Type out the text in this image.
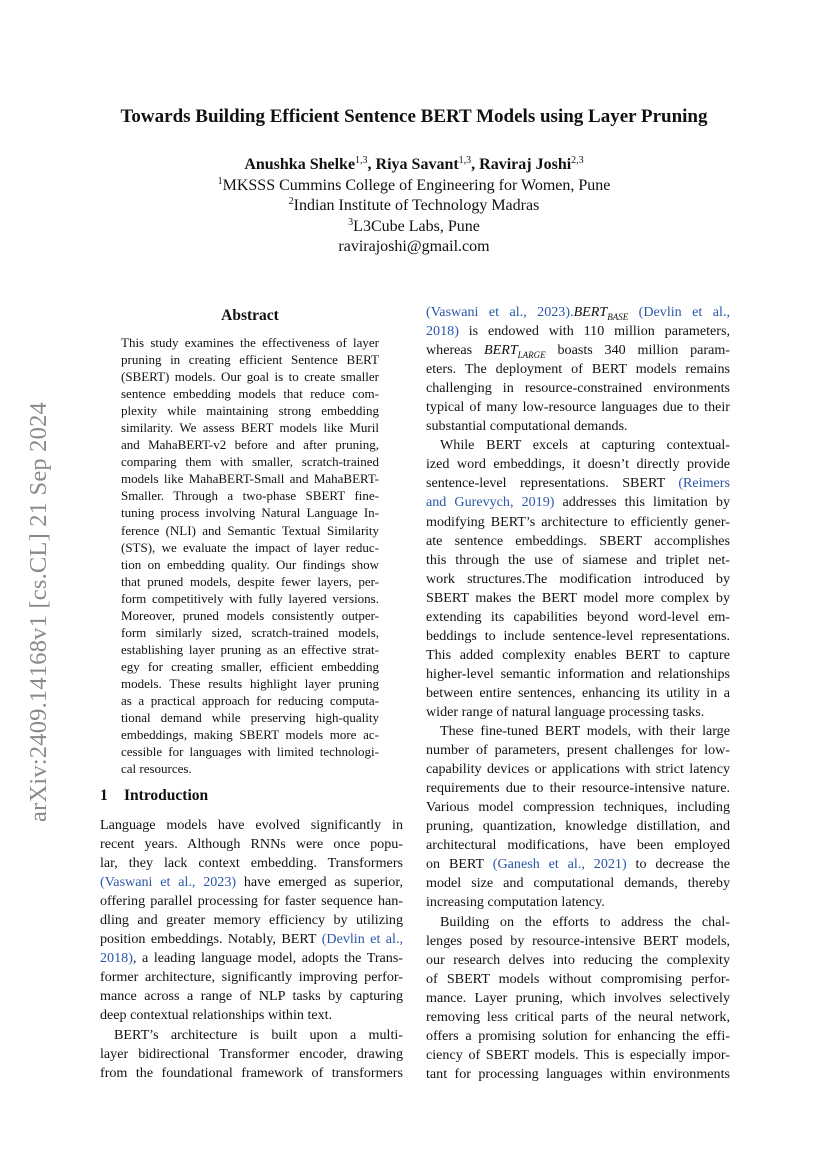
arXiv:2409.14168v1 [cs.CL] 21 Sep 2024
Towards Building Efficient Sentence BERT Models using Layer Pruning
Anushka Shelke$^{1,3}$, Riya Savant$^{1,3}$, Raviraj Joshi$^{2,3}$
$^1$MKSSS Cummins College of Engineering for Women, Pune
$^2$Indian Institute of Technology Madras
$^3$L3Cube Labs, Pune
ravirajoshi@gmail.com
Abstract
This study examines the effectiveness of layer
pruning in creating efficient Sentence BERT
(SBERT) models. Our goal is to create smaller
sentence embedding models that reduce com-
plexity while maintaining strong embedding
similarity. We assess BERT models like Muril
and MahaBERT-v2 before and after pruning,
comparing them with smaller, scratch-trained
models like MahaBERT-Small and MahaBERT-
Smaller. Through a two-phase SBERT fine-
tuning process involving Natural Language In-
ference (NLI) and Semantic Textual Similarity
(STS), we evaluate the impact of layer reduc-
tion on embedding quality. Our findings show
that pruned models, despite fewer layers, per-
form competitively with fully layered versions.
Moreover, pruned models consistently outper-
form similarly sized, scratch-trained models,
establishing layer pruning as an effective strat-
egy for creating smaller, efficient embedding
models. These results highlight layer pruning
as a practical approach for reducing computa-
tional demand while preserving high-quality
embeddings, making SBERT models more ac-
cessible for languages with limited technologi-
cal resources.
1 Introduction
Language models have evolved significantly in
recent years. Although RNNs were once popu-
lar, they lack context embedding. Transformers
(Vaswani et al., 2023) have emerged as superior,
offering parallel processing for faster sequence han-
dling and greater memory efficiency by utilizing
position embeddings. Notably, BERT (Devlin et al.,
2018), a leading language model, adopts the Trans-
former architecture, significantly improving perfor-
mance across a range of NLP tasks by capturing
deep contextual relationships within text.
BERT’s architecture is built upon a multi-
layer bidirectional Transformer encoder, drawing
from the foundational framework of transformers
(Vaswani et al., $2023).BERT_{BASE}$ (Devlin et al.,
2018) is endowed with 110 million parameters,
whereas $BERT_{LARGE}$ boasts 340 million param-
eters. The deployment of BERT models remains
challenging in resource-constrained environments
typical of many low-resource languages due to their
substantial computational demands.
While BERT excels at capturing contextual-
ized word embeddings, it doesn’t directly provide
sentence-level representations. SBERT (Reimers
and Gurevych, 2019) addresses this limitation by
modifying BERT’s architecture to efficiently gener-
ate sentence embeddings. SBERT accomplishes
this through the use of siamese and triplet net-
work structures.The modification introduced by
SBERT makes the BERT model more complex by
extending its capabilities beyond word-level em-
beddings to include sentence-level representations.
This added complexity enables BERT to capture
higher-level semantic information and relationships
between entire sentences, enhancing its utility in a
wider range of natural language processing tasks.
These fine-tuned BERT models, with their large
number of parameters, present challenges for low-
capability devices or applications with strict latency
requirements due to their resource-intensive nature.
Various model compression techniques, including
pruning, quantization, knowledge distillation, and
architectural modifications, have been employed
on BERT (Ganesh et al., 2021) to decrease the
model size and computational demands, thereby
increasing computation latency.
Building on the efforts to address the chal-
lenges posed by resource-intensive BERT models,
our research delves into reducing the complexity
of SBERT models without compromising perfor-
mance. Layer pruning, which involves selectively
removing less critical parts of the neural network,
offers a promising solution for enhancing the effi-
ciency of SBERT models. This is especially impor-
tant for processing languages within environments
